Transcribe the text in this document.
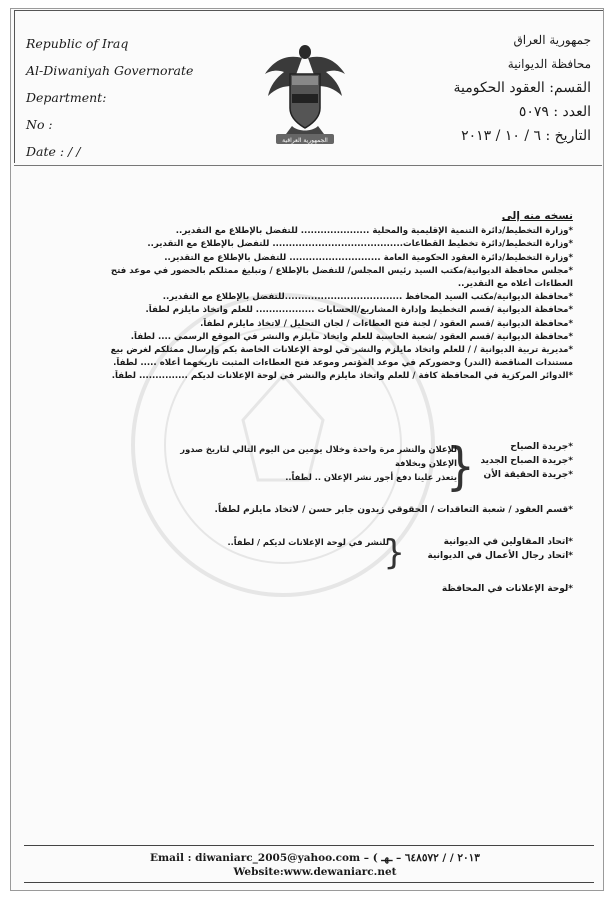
Republic of Iraq
Al-Diwaniyah Governorate
Department:
No :
Date : / /
الجمهورية العراقية
جمهورية العراق
محافظة الديوانية
القسم: العقود الحكومية
العدد : ٥٠٧٩
التاريخ : ٦ / ١٠ / ٢٠١٣
نسخه منه إلى
*وزارة التخطيط/دائرة التنمية الإقليمية والمحلية ..................... للتفضل بالإطلاع مع التقدير..
*وزارة التخطيط/دائرة تخطيط القطاعات........................................ للتفضل بالإطلاع مع التقدير..
*وزارة التخطيط/دائرة العقود الحكومية العامة ............................ للتفضل بالإطلاع مع التقدير..
*مجلس محافظة الديوانية/مكتب السيد رئيس المجلس/ للتفضل بالإطلاع / وتبليغ ممثلكم بالحضور في موعد فتح
العطاءات أعلاه مع التقدير..
*محافظة الديوانية/مكتب السيد المحافظ ....................................للتفضل بالإطلاع مع التقدير..
*محافظة الديوانية /قسم التخطيط وإدارة المشاريع/الحسابات .................. للعلم واتخاذ مايلزم لطفاً.
*محافظة الديوانية /قسم العقود / لجنة فتح العطاءات / لجان التحليل / لاتخاذ مايلزم لطفاً.
*محافظة الديوانية /قسم العقود /شعبة الحاسبة للعلم واتخاذ مايلزم والنشر في الموقع الرسمي .... لطفاً.
*مديرية تربية الديوانية / / للعلم واتخاذ مايلزم والنشر في لوحة الإعلانات الخاصة بكم وإرسال ممثلكم لغرض بيع
مستندات المناقصة (الندر) وحضوركم في موعد المؤتمر وموعد فتح العطاءات المثبت تاريخهما أعلاه ..... لطفاً.
*الدوائر المركزية في المحافظة كافة / للعلم واتخاذ مايلزم والنشر في لوحة الإعلانات لديكم ............... لطفاً.
*جريدة الصباح
*جريدة الصباح الجديد
*جريدة الحقيقة الأن
}
للإعلان والنشر مرة واحدة وخلال يومين من اليوم التالي لتاريخ صدور الإعلان وبخلافة
يتعذر علينا دفع أجور نشر الإعلان .. لطفاً..
*قسم العقود / شعبة التعاقدات / الحقوقي زيدون جابر حسن / لاتخاذ مايلزم لطفاً.
*اتحاد المقاولين في الديوانية
*اتحاد رجال الأعمال في الديوانية
}
للنشر في لوحة الإعلانات لديكم / لطفاً..
*لوحة الإعلانات في المحافظة
Email : diwaniarc_2005@yahoo.com – ( ٢٠١٣ / / ٦٤٨٥٧٢ – ـهـ
Website:www.dewaniarc.net
